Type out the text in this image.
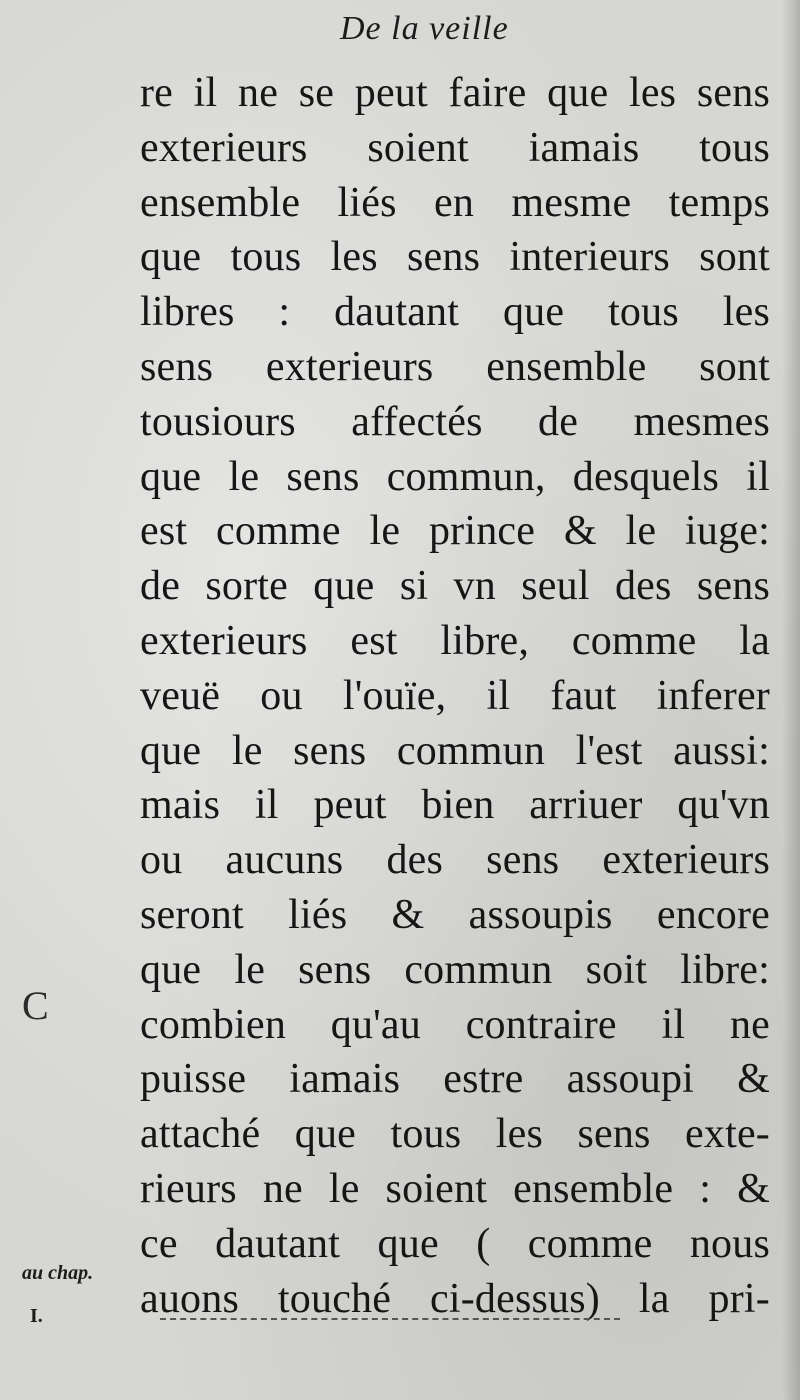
De la veille
re il ne se peut faire que les sens
exterieurs soient iamais tous
ensemble liés en mesme temps
que tous les sens interieurs sont
libres : dautant que tous les
sens exterieurs ensemble sont
tousiours affectés de mesmes
que le sens commun, desquels il
est comme le prince & le iuge:
de sorte que si vn seul des sens
exterieurs est libre, comme la
veuë ou l'ouïe, il faut inferer
que le sens commun l'est aussi:
mais il peut bien arriuer qu'vn
ou aucuns des sens exterieurs
seront liés & assoupis encore
que le sens commun soit libre:
combien qu'au contraire il ne
puisse iamais estre assoupi &
attaché que tous les sens exte-
rieurs ne le soient ensemble : &
ce dautant que ( comme nous
auons touché ci-dessus) la pri-
C
au chap.
I.
